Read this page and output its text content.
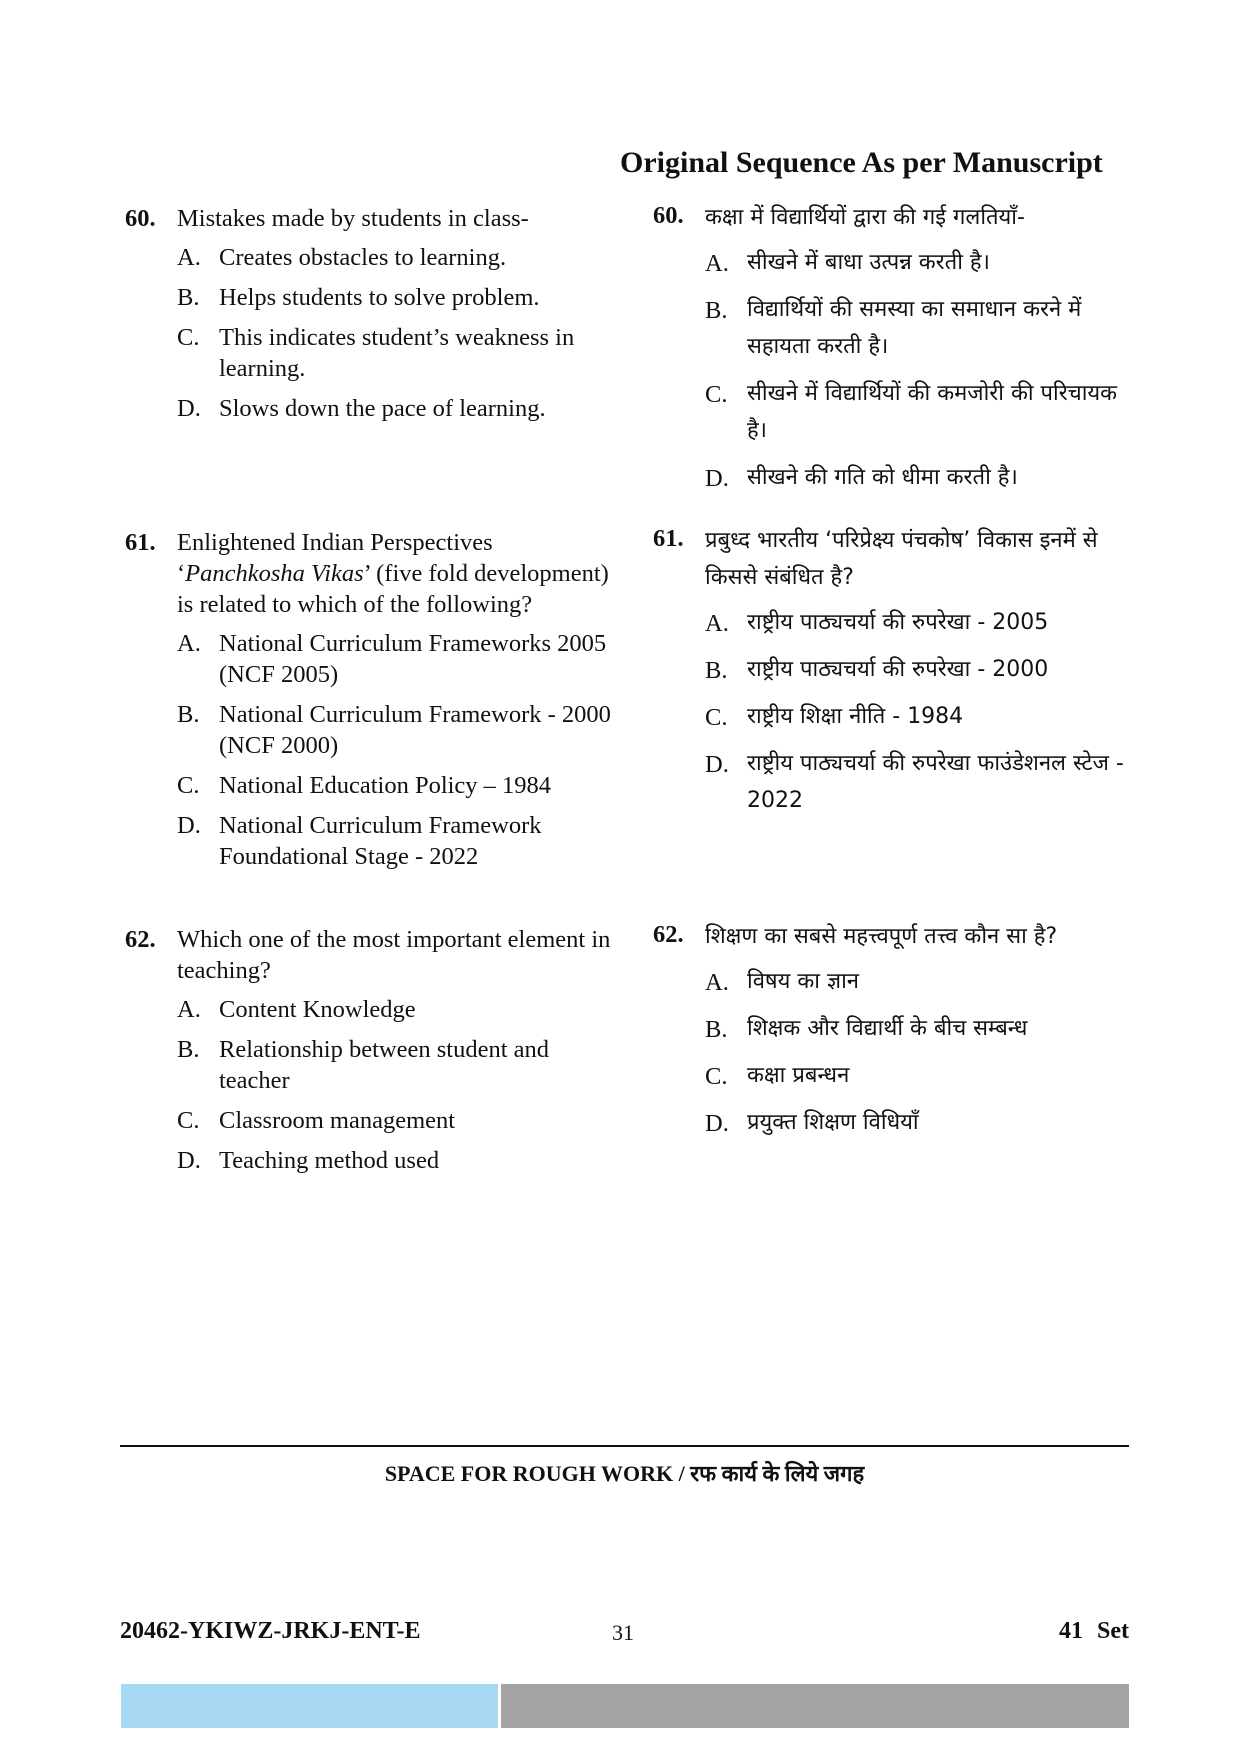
Original Sequence As per Manuscript
60. Mistakes made by students in class-
A. Creates obstacles to learning.
B. Helps students to solve problem.
C. This indicates student’s weakness in learning.
D. Slows down the pace of learning.
61. Enlightened Indian Perspectives ‘Panchkosha Vikas’ (five fold development) is related to which of the following?
A. National Curriculum Frameworks 2005 (NCF 2005)
B. National Curriculum Framework - 2000 (NCF 2000)
C. National Education Policy – 1984
D. National Curriculum Framework Foundational Stage - 2022
62. Which one of the most important element in teaching?
A. Content Knowledge
B. Relationship between student and teacher
C. Classroom management
D. Teaching method used
60. कक्षा में विद्यार्थियों द्वारा की गई गलतियाँ-
A. सीखने में बाधा उत्पन्न करती है।
B. विद्यार्थियों की समस्या का समाधान करने में सहायता करती है।
C. सीखने में विद्यार्थियों की कमजोरी की परिचायक है।
D. सीखने की गति को धीमा करती है।
61. प्रबुध्द भारतीय ‘परिप्रेक्ष्य पंचकोष’ विकास इनमें से किससे संबंधित है?
A. राष्ट्रीय पाठ्यचर्या की रुपरेखा - 2005
B. राष्ट्रीय पाठ्यचर्या की रुपरेखा - 2000
C. राष्ट्रीय शिक्षा नीति - 1984
D. राष्ट्रीय पाठ्यचर्या की रुपरेखा फाउंडेशनल स्टेज - 2022
62. शिक्षण का सबसे महत्त्वपूर्ण तत्त्व कौन सा है?
A. विषय का ज्ञान
B. शिक्षक और विद्यार्थी के बीच सम्बन्ध
C. कक्षा प्रबन्धन
D. प्रयुक्त शिक्षण विधियाँ
SPACE FOR ROUGH WORK / रफ कार्य के लिये जगह
20462-YKIWZ-JRKJ-ENT-E	31	41 Set
